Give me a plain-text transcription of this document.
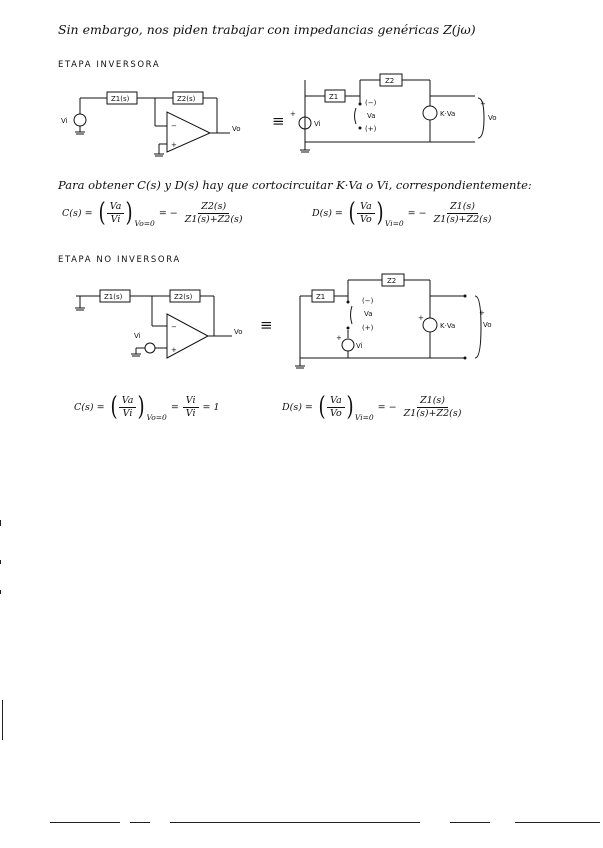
Sin embargo, nos piden trabajar con impedancias genéricas Z(jω)
ETAPA INVERSORA
Z1(s)	Z2(s)
Vi
Vo
−
+
≡
Z1
Z2
(−)
(+)
Va	K·Va
Vi
Vo
+
+
Para obtener C(s) y D(s) hay que cortocircuitar K·Va o Vi, correspondientemente:
C(s) = ( $\frac{Va}{Vi}$ ) Vo=0
= − $\frac{Z2(s)}{Z1(s)+Z2(s)}$	D(s) = ( $\frac{Va}{Vo}$ ) Vi=0
= − $\frac{Z1(s)}{Z1(s)+Z2(s)}$
ETAPA NO INVERSORA
Z1(s)	Z2(s)
Vi	Vo
−
+
≡
Z1
Z2
(−)
(+)
Va
K·Va
Vi
Vo
+
+
+
C(s) = ( $\frac{Va}{Vi}$ ) Vo=0
= $\frac{Vi}{Vi} = 1$	D(s) = ( $\frac{Va}{Vo}$ ) Vi=0
= − $\frac{Z1(s)}{Z1(s)+Z2(s)}$
